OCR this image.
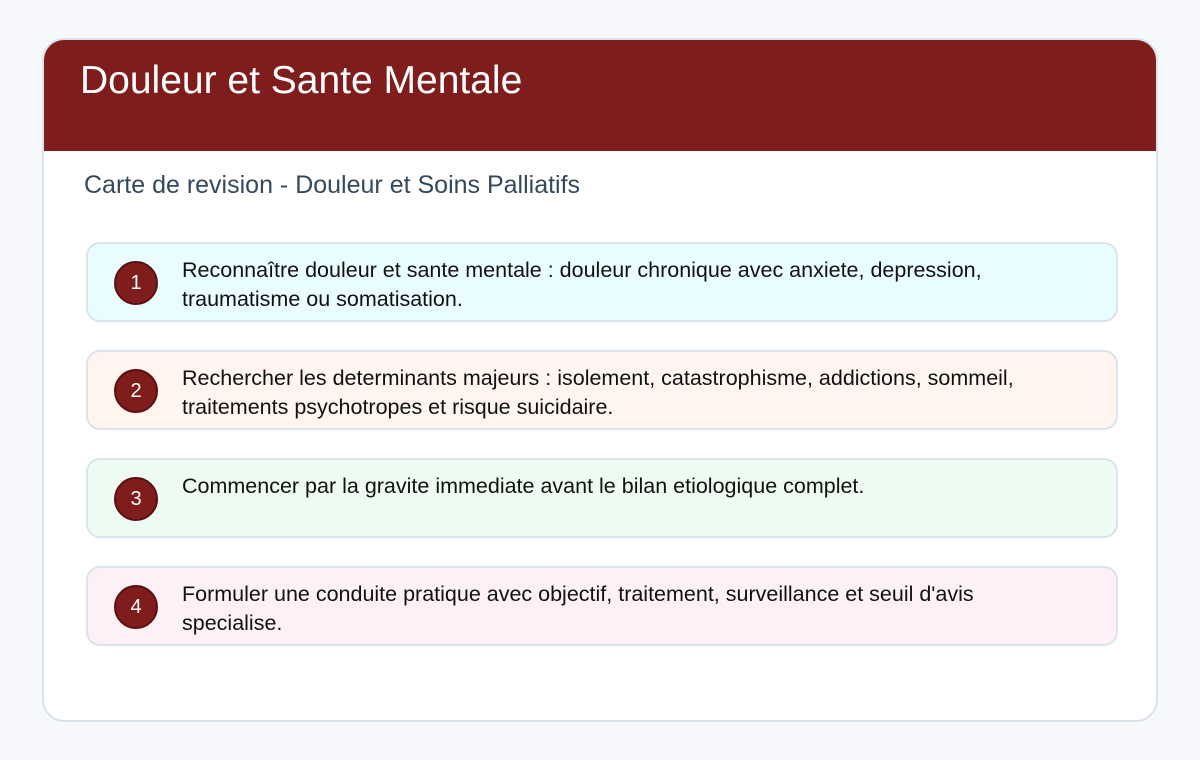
Douleur et Sante Mentale

Carte de revision - Douleur et Soins Palliatifs

1

Reconnaître douleur et sante mentale : douleur chronique avec anxiete, depression, traumatisme ou somatisation.

2

Rechercher les determinants majeurs : isolement, catastrophisme, addictions, sommeil, traitements psychotropes et risque suicidaire.

3

Commencer par la gravite immediate avant le bilan etiologique complet.

4

Formuler une conduite pratique avec objectif, traitement, surveillance et seuil d'avis specialise.
